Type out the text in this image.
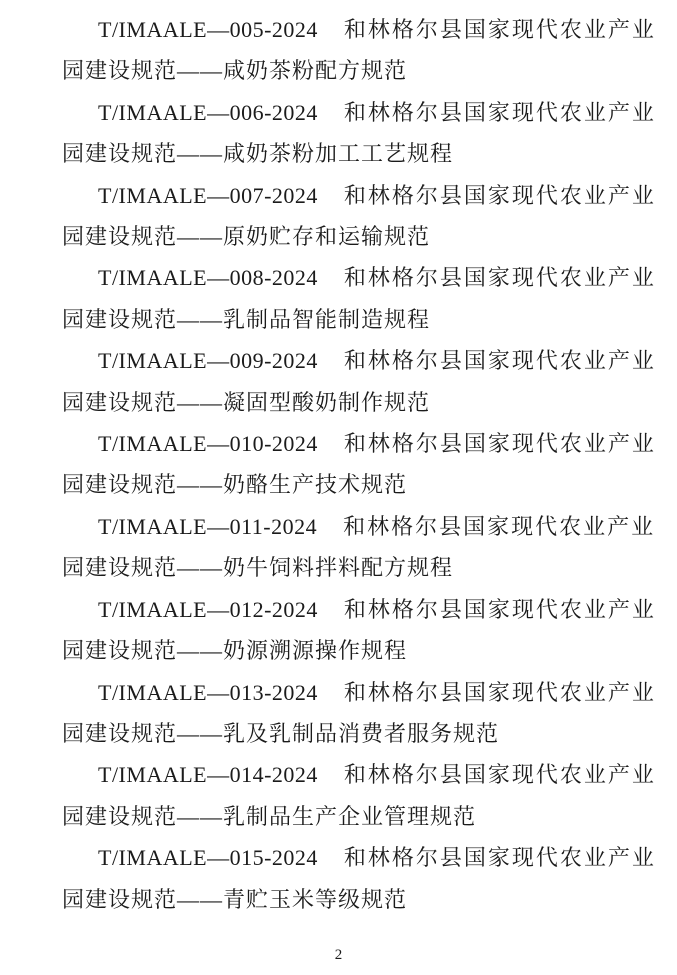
T/IMAALE—005-2024 和林格尔县国家现代农业产业
园建设规范——咸奶茶粉配方规范
T/IMAALE—006-2024 和林格尔县国家现代农业产业
园建设规范——咸奶茶粉加工工艺规程
T/IMAALE—007-2024 和林格尔县国家现代农业产业
园建设规范——原奶贮存和运输规范
T/IMAALE—008-2024 和林格尔县国家现代农业产业
园建设规范——乳制品智能制造规程
T/IMAALE—009-2024 和林格尔县国家现代农业产业
园建设规范——凝固型酸奶制作规范
T/IMAALE—010-2024 和林格尔县国家现代农业产业
园建设规范——奶酪生产技术规范
T/IMAALE—011-2024 和林格尔县国家现代农业产业
园建设规范——奶牛饲料拌料配方规程
T/IMAALE—012-2024 和林格尔县国家现代农业产业
园建设规范——奶源溯源操作规程
T/IMAALE—013-2024 和林格尔县国家现代农业产业
园建设规范——乳及乳制品消费者服务规范
T/IMAALE—014-2024 和林格尔县国家现代农业产业
园建设规范——乳制品生产企业管理规范
T/IMAALE—015-2024 和林格尔县国家现代农业产业
园建设规范——青贮玉米等级规范
2
